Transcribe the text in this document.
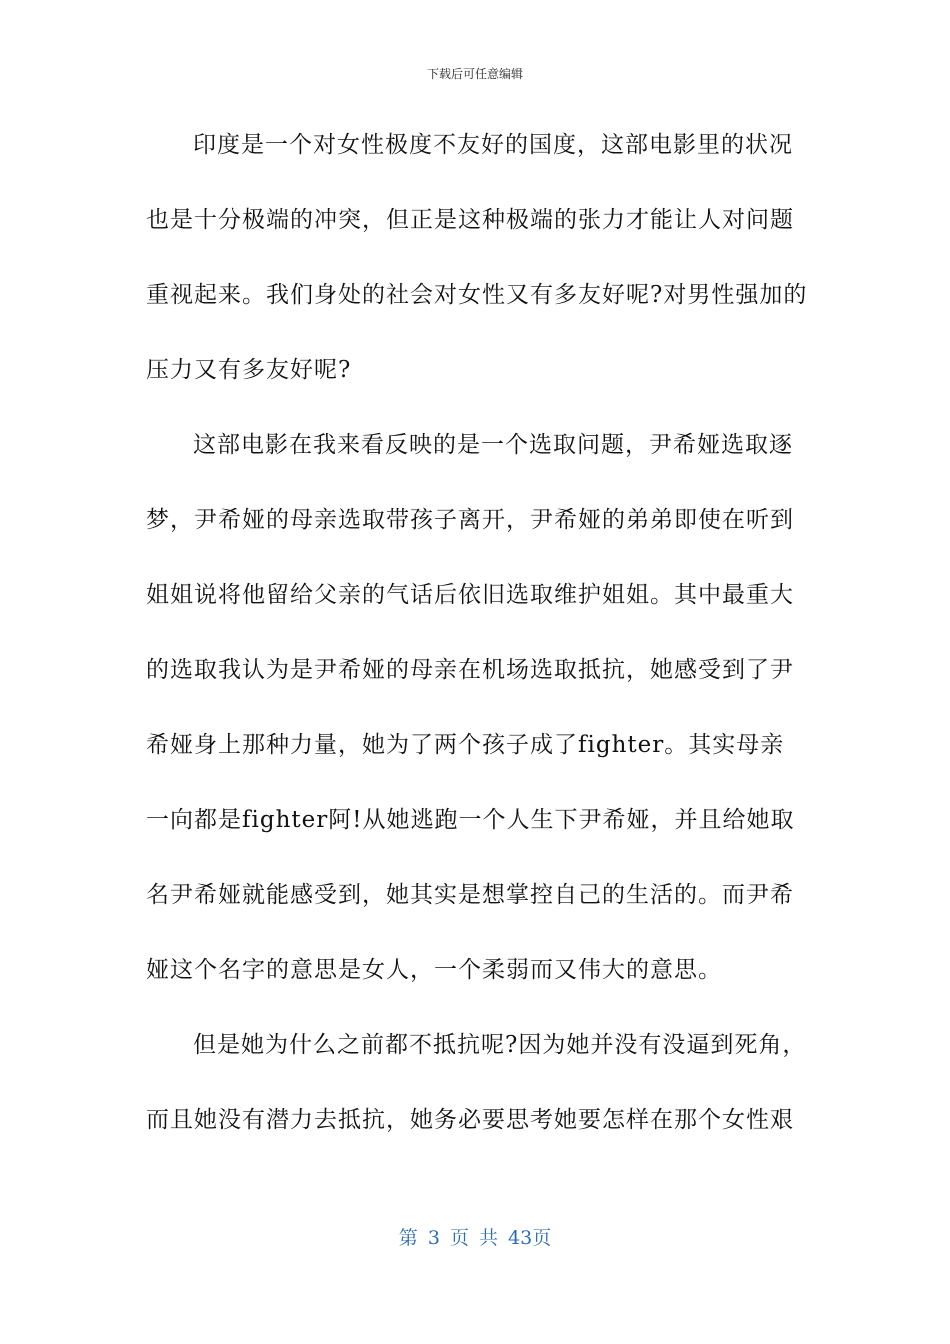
下载后可任意编辑
印度是一个对女性极度不友好的国度，这部电影里的状况
也是十分极端的冲突，但正是这种极端的张力才能让人对问题
重视起来。我们身处的社会对女性又有多友好呢?对男性强加的
压力又有多友好呢?
这部电影在我来看反映的是一个选取问题，尹希娅选取逐
梦，尹希娅的母亲选取带孩子离开，尹希娅的弟弟即使在听到
姐姐说将他留给父亲的气话后依旧选取维护姐姐。其中最重大
的选取我认为是尹希娅的母亲在机场选取抵抗，她感受到了尹
希娅身上那种力量，她为了两个孩子成了fighter。其实母亲
一向都是fighter阿!从她逃跑一个人生下尹希娅，并且给她取
名尹希娅就能感受到，她其实是想掌控自己的生活的。而尹希
娅这个名字的意思是女人，一个柔弱而又伟大的意思。
但是她为什么之前都不抵抗呢?因为她并没有没逼到死角，
而且她没有潜力去抵抗，她务必要思考她要怎样在那个女性艰
第 3 页 共 43页
